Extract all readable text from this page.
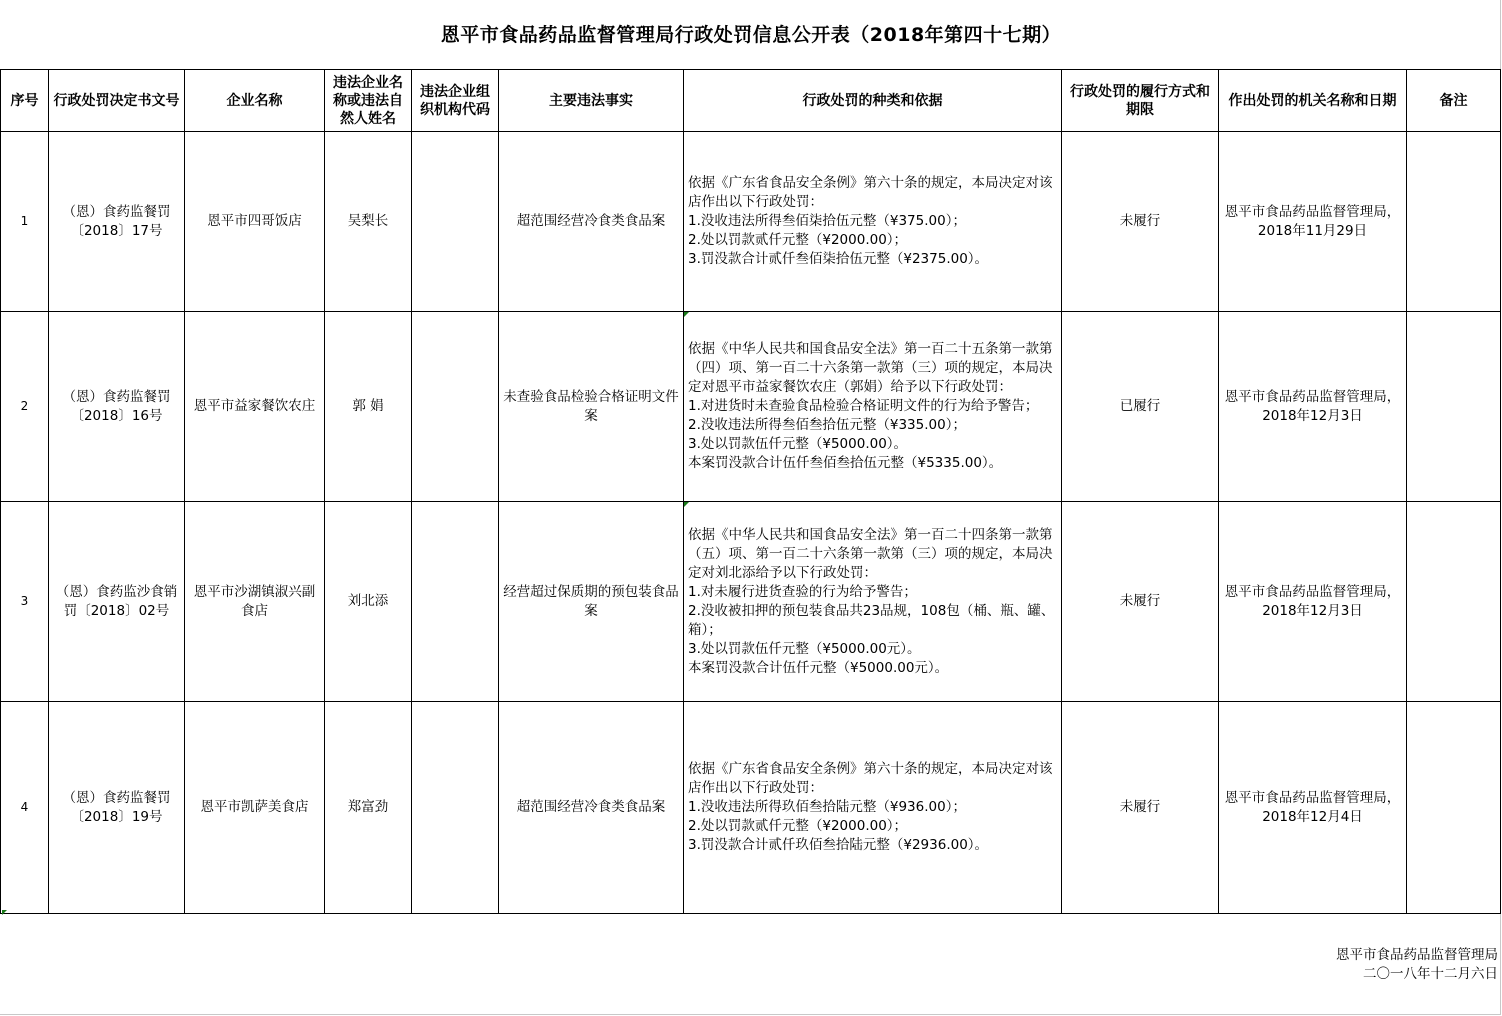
恩平市食品药品监督管理局行政处罚信息公开表（2018年第四十七期）
序号	行政处罚决定书文号	企业名称	违法企业名称或违法自然人姓名	违法企业组织机构代码	主要违法事实	行政处罚的种类和依据	行政处罚的履行方式和期限	作出处罚的机关名称和日期	备注
1	（恩）食药监餐罚〔2018〕17号	恩平市四哥饭店	吴梨长		超范围经营冷食类食品案	依据《广东省食品安全条例》第六十条的规定，本局决定对该店作出以下行政处罚：
1.没收违法所得叁佰柒拾伍元整（¥375.00）；
2.处以罚款贰仟元整（¥2000.00）；
3.罚没款合计贰仟叁佰柒拾伍元整（¥2375.00）。	未履行	恩平市食品药品监督管理局，2018年11月29日	
2	（恩）食药监餐罚〔2018〕16号	恩平市益家餐饮农庄	郭 娟		未查验食品检验合格证明文件案	依据《中华人民共和国食品安全法》第一百二十五条第一款第（四）项、第一百二十六条第一款第（三）项的规定，本局决定对恩平市益家餐饮农庄（郭娟）给予以下行政处罚：
1.对进货时未查验食品检验合格证明文件的行为给予警告；
2.没收违法所得叁佰叁拾伍元整（¥335.00）；
3.处以罚款伍仟元整（¥5000.00）。
本案罚没款合计伍仟叁佰叁拾伍元整（¥5335.00）。	已履行	恩平市食品药品监督管理局，2018年12月3日	
3	（恩）食药监沙食销罚〔2018〕02号	恩平市沙湖镇淑兴副食店	刘北添		经营超过保质期的预包装食品案	依据《中华人民共和国食品安全法》第一百二十四条第一款第（五）项、第一百二十六条第一款第（三）项的规定，本局决定对刘北添给予以下行政处罚：
1.对未履行进货查验的行为给予警告；
2.没收被扣押的预包装食品共23品规，108包（桶、瓶、罐、箱）；
3.处以罚款伍仟元整（¥5000.00元）。
本案罚没款合计伍仟元整（¥5000.00元）。	未履行	恩平市食品药品监督管理局，2018年12月3日	
4	（恩）食药监餐罚〔2018〕19号	恩平市凯萨美食店	郑富劲		超范围经营冷食类食品案	依据《广东省食品安全条例》第六十条的规定，本局决定对该店作出以下行政处罚：
1.没收违法所得玖佰叁拾陆元整（¥936.00）；
2.处以罚款贰仟元整（¥2000.00）；
3.罚没款合计贰仟玖佰叁拾陆元整（¥2936.00）。	未履行	恩平市食品药品监督管理局，2018年12月4日	
恩平市食品药品监督管理局
二〇一八年十二月六日
